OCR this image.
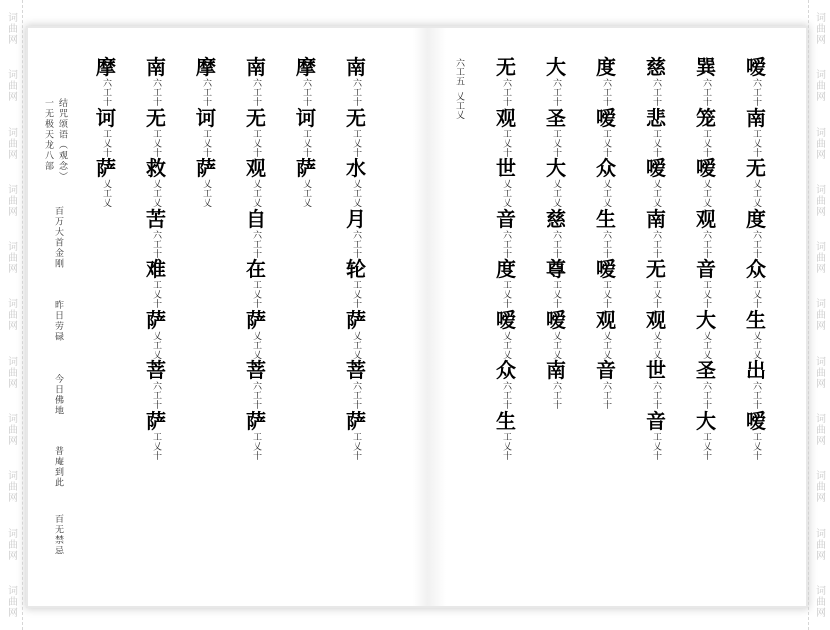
词曲网
词曲网
词曲网
词曲网
词曲网
词曲网
词曲网
词曲网
词曲网
词曲网
词曲网
词曲网
词曲网
词曲网
词曲网
词曲网
词曲网
词曲网
词曲网
词曲网
词曲网
词曲网
结咒颂语（观念）
一无极天龙八部
百万大首金刚
昨日劳碌
今日佛地
普庵到此
百无禁忌
南
六工十
无
工乂十
水
乂工乂
月
六工十
轮
工乂十
萨
乂工乂
菩
六工十
萨
工乂十
摩
六工十
诃
工乂十
萨
乂工乂
南
六工十
无
工乂十
观
乂工乂
自
六工十
在
工乂十
萨
乂工乂
菩
六工十
萨
工乂十
摩
六工十
诃
工乂十
萨
乂工乂
南
六工十
无
工乂十
救
乂工乂
苦
六工十
难
工乂十
萨
乂工乂
菩
六工十
萨
工乂十
摩
六工十
诃
工乂十
萨
乂工乂
六工五 乂工乂	嗳
六工十
南
工乂十
无
乂工乂
度
六工十
众
工乂十
生
乂工乂
出
六工十
嗳
工乂十
巽
六工十
笼
工乂十
嗳
乂工乂
观
六工十
音
工乂十
大
乂工乂
圣
六工十
大
工乂十
慈
六工十
悲
工乂十
嗳
乂工乂
南
六工十
无
工乂十
观
乂工乂
世
六工十
音
工乂十
度
六工十
嗳
工乂十
众
乂工乂
生
六工十
嗳
工乂十
观
乂工乂
音
六工十
大
六工十
圣
工乂十
大
乂工乂
慈
六工十
尊
工乂十
嗳
乂工乂
南
六工十
无
六工十
观
工乂十
世
乂工乂
音
六工十
度
工乂十
嗳
乂工乂
众
六工十
生
工乂十
